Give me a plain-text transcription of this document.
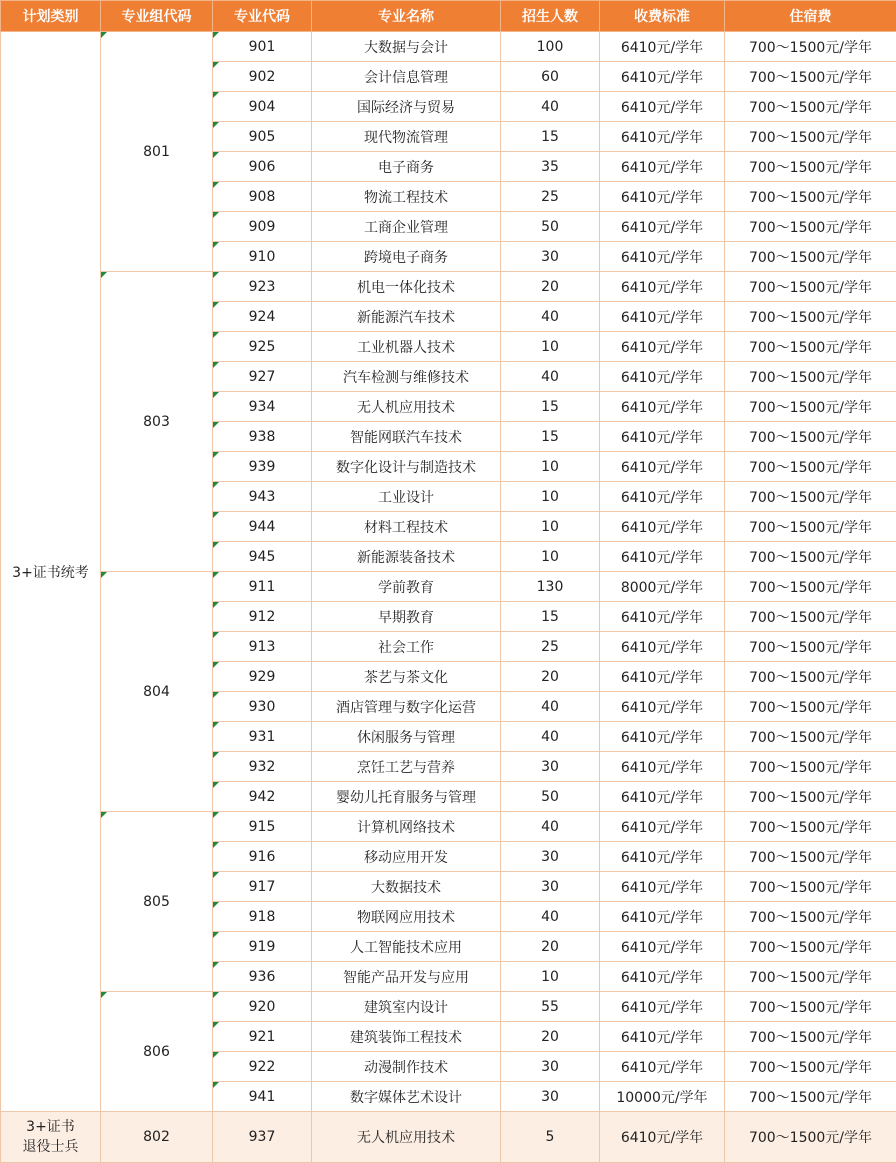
计划类别	专业组代码	专业代码	专业名称	招生人数	收费标准	住宿费
3+证书统考	801	901	大数据与会计	100	6410元/学年	700～1500元/学年
		902	会计信息管理	60	6410元/学年	700～1500元/学年
		904	国际经济与贸易	40	6410元/学年	700～1500元/学年
		905	现代物流管理	15	6410元/学年	700～1500元/学年
		906	电子商务	35	6410元/学年	700～1500元/学年
		908	物流工程技术	25	6410元/学年	700～1500元/学年
		909	工商企业管理	50	6410元/学年	700～1500元/学年
		910	跨境电子商务	30	6410元/学年	700～1500元/学年
	803	923	机电一体化技术	20	6410元/学年	700～1500元/学年
		924	新能源汽车技术	40	6410元/学年	700～1500元/学年
		925	工业机器人技术	10	6410元/学年	700～1500元/学年
		927	汽车检测与维修技术	40	6410元/学年	700～1500元/学年
		934	无人机应用技术	15	6410元/学年	700～1500元/学年
		938	智能网联汽车技术	15	6410元/学年	700～1500元/学年
		939	数字化设计与制造技术	10	6410元/学年	700～1500元/学年
		943	工业设计	10	6410元/学年	700～1500元/学年
		944	材料工程技术	10	6410元/学年	700～1500元/学年
		945	新能源装备技术	10	6410元/学年	700～1500元/学年
	804	911	学前教育	130	8000元/学年	700～1500元/学年
		912	早期教育	15	6410元/学年	700～1500元/学年
		913	社会工作	25	6410元/学年	700～1500元/学年
		929	茶艺与茶文化	20	6410元/学年	700～1500元/学年
		930	酒店管理与数字化运营	40	6410元/学年	700～1500元/学年
		931	休闲服务与管理	40	6410元/学年	700～1500元/学年
		932	烹饪工艺与营养	30	6410元/学年	700～1500元/学年
		942	婴幼儿托育服务与管理	50	6410元/学年	700～1500元/学年
	805	915	计算机网络技术	40	6410元/学年	700～1500元/学年
		916	移动应用开发	30	6410元/学年	700～1500元/学年
		917	大数据技术	30	6410元/学年	700～1500元/学年
		918	物联网应用技术	40	6410元/学年	700～1500元/学年
		919	人工智能技术应用	20	6410元/学年	700～1500元/学年
		936	智能产品开发与应用	10	6410元/学年	700～1500元/学年
	806	920	建筑室内设计	55	6410元/学年	700～1500元/学年
		921	建筑装饰工程技术	20	6410元/学年	700～1500元/学年
		922	动漫制作技术	30	6410元/学年	700～1500元/学年
		941	数字媒体艺术设计	30	10000元/学年	700～1500元/学年

3+证书
退役士兵	802	937	无人机应用技术	5	6410元/学年	700～1500元/学年
